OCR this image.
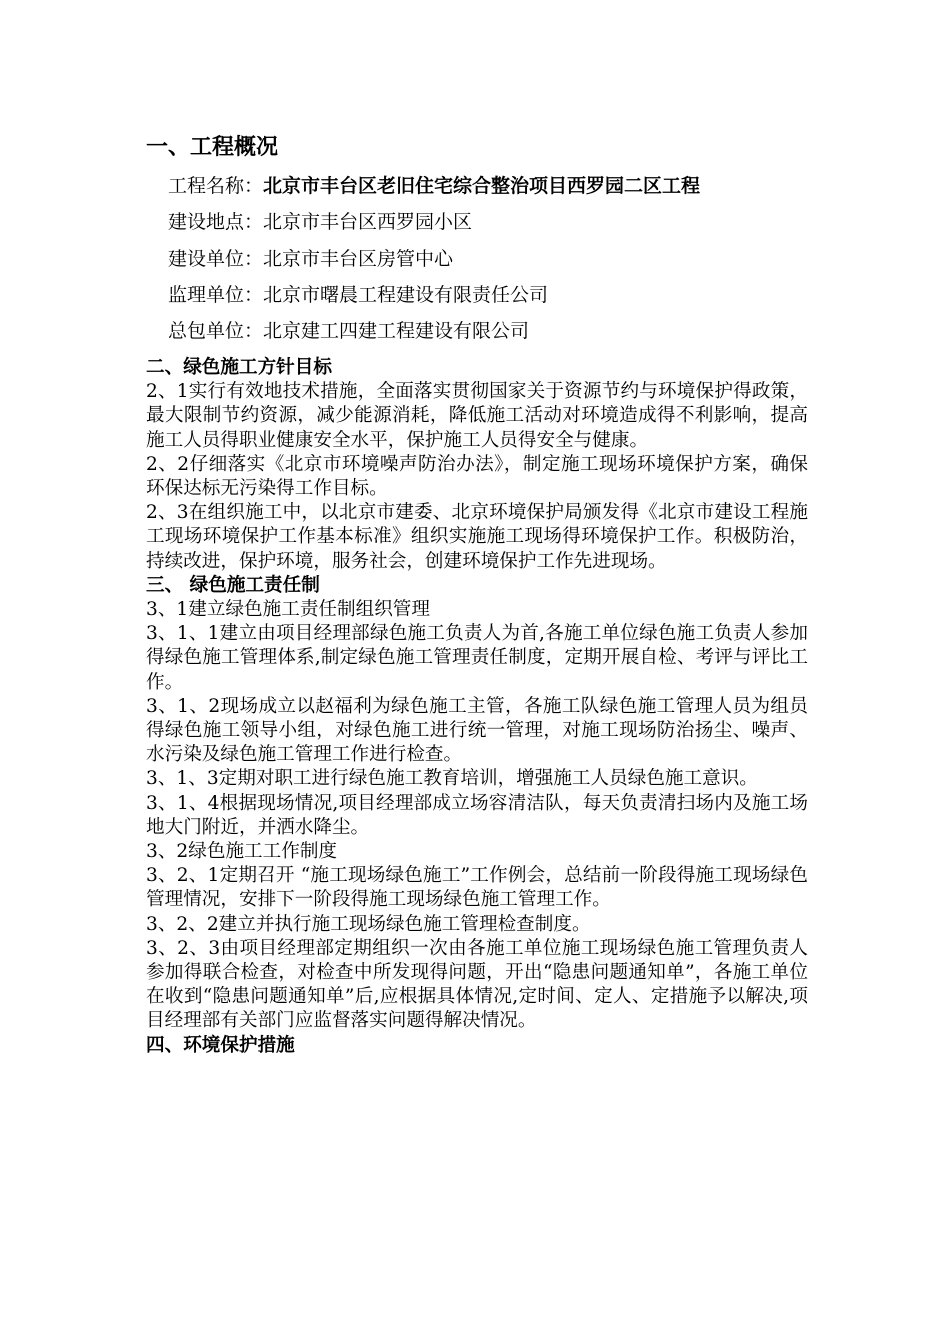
一、工程概况
工程名称：北京市丰台区老旧住宅综合整治项目西罗园二区工程
建设地点：北京市丰台区西罗园小区
建设单位：北京市丰台区房管中心
监理单位：北京市曙晨工程建设有限责任公司
总包单位：北京建工四建工程建设有限公司
二、绿色施工方针目标
2、1实行有效地技术措施，全面落实贯彻国家关于资源节约与环境保护得政策，最大限制节约资源，减少能源消耗，降低施工活动对环境造成得不利影响，提高施工人员得职业健康安全水平，保护施工人员得安全与健康。
2、2仔细落实《北京市环境噪声防治办法》，制定施工现场环境保护方案，确保环保达标无污染得工作目标。
2、3在组织施工中，以北京市建委、北京环境保护局颁发得《北京市建设工程施工现场环境保护工作基本标准》组织实施施工现场得环境保护工作。积极防治，持续改进，保护环境，服务社会，创建环境保护工作先进现场。
三、 绿色施工责任制
3、1建立绿色施工责任制组织管理
3、1、1建立由项目经理部绿色施工负责人为首,各施工单位绿色施工负责人参加得绿色施工管理体系,制定绿色施工管理责任制度，定期开展自检、考评与评比工作。
3、1、2现场成立以赵福利为绿色施工主管，各施工队绿色施工管理人员为组员得绿色施工领导小组，对绿色施工进行统一管理，对施工现场防治扬尘、噪声、水污染及绿色施工管理工作进行检查。
3、1、3定期对职工进行绿色施工教育培训，增强施工人员绿色施工意识。
3、1、4根据现场情况,项目经理部成立场容清洁队，每天负责清扫场内及施工场地大门附近，并洒水降尘。
3、2绿色施工工作制度
3、2、1定期召开 “施工现场绿色施工”工作例会，总结前一阶段得施工现场绿色管理情况，安排下一阶段得施工现场绿色施工管理工作。
3、2、2建立并执行施工现场绿色施工管理检查制度。
3、2、3由项目经理部定期组织一次由各施工单位施工现场绿色施工管理负责人参加得联合检查，对检查中所发现得问题，开出“隐患问题通知单”，各施工单位在收到“隐患问题通知单”后,应根据具体情况,定时间、定人、定措施予以解决,项目经理部有关部门应监督落实问题得解决情况。
四、环境保护措施
